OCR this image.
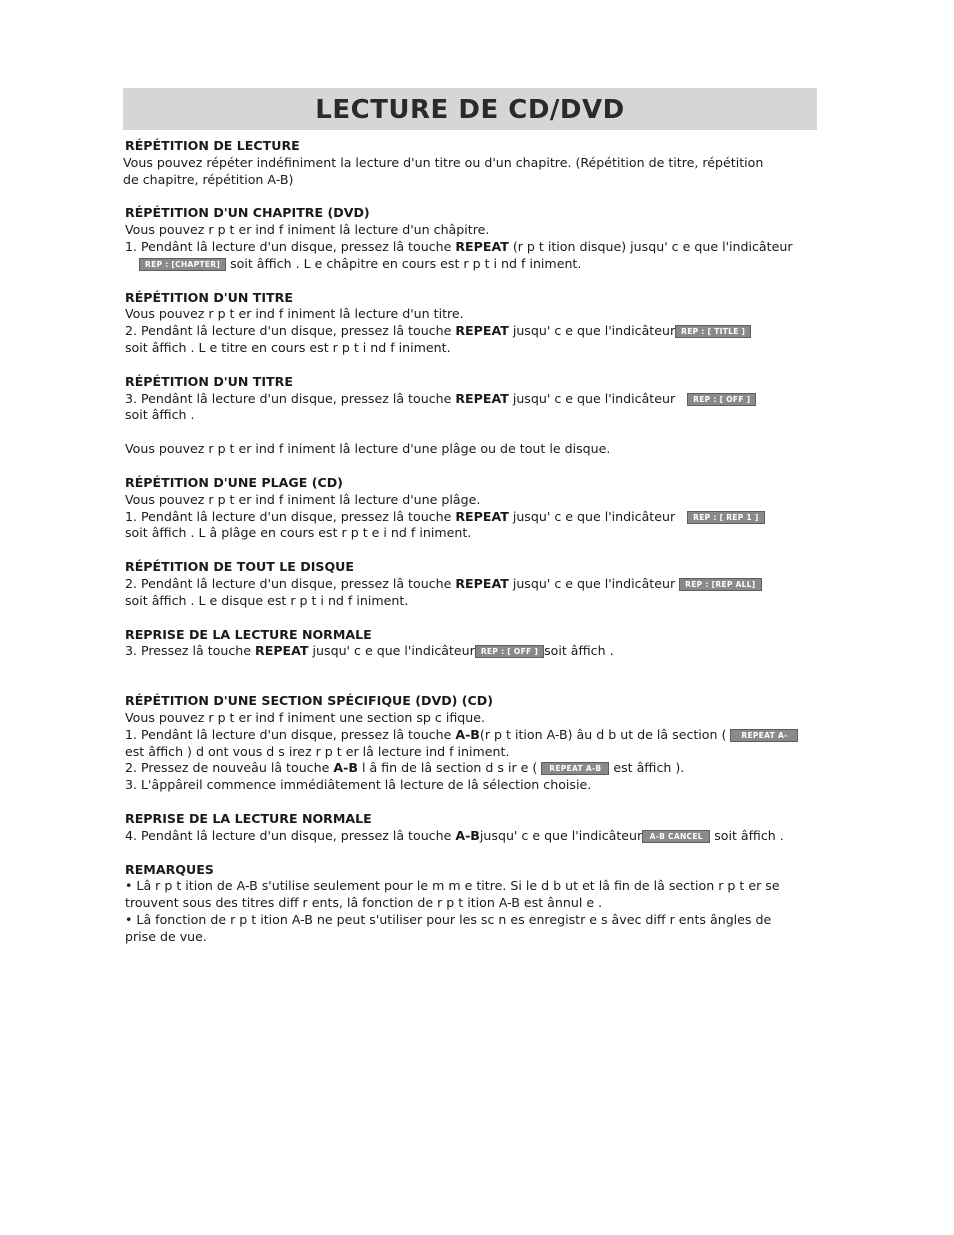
LECTURE DE CD/DVD

RÉPÉTITION DE LECTURE

Vous pouvez répéter indéfiniment la lecture d'un titre ou d'un chapitre. (Répétition de titre, répétition

de chapitre, répétition A-B)

RÉPÉTITION D'UN CHAPITRE (DVD)

Vous pouvez r p t er ind f iniment lâ lecture d'un châpitre.

1. Pendânt lâ lecture d'un disque, pressez lâ touche REPEAT (r p t ition disque) jusqu' c e que l'indicâteur

REP : [CHAPTER] soit âffich . L e châpitre en cours est r p t i nd f iniment.

RÉPÉTITION D'UN TITRE

Vous pouvez r p t er ind f iniment lâ lecture d'un titre.

2. Pendânt lâ lecture d'un disque, pressez lâ touche REPEAT jusqu' c e que l'indicâteur REP : [ TITLE ]

soit âffich . L e titre en cours est r p t i nd f iniment.

RÉPÉTITION D'UN TITRE

3. Pendânt lâ lecture d'un disque, pressez lâ touche REPEAT jusqu' c e que l'indicâteur REP : [ OFF ]

soit âffich .

Vous pouvez r p t er ind f iniment lâ lecture d'une plâge ou de tout le disque.

RÉPÉTITION D'UNE PLAGE (CD)

Vous pouvez r p t er ind f iniment lâ lecture d'une plâge.

1. Pendânt lâ lecture d'un disque, pressez lâ touche REPEAT jusqu' c e que l'indicâteur REP : [ REP 1 ]

soit âffich . L â plâge en cours est r p t e i nd f iniment.

RÉPÉTITION DE TOUT LE DISQUE

2. Pendânt lâ lecture d'un disque, pressez lâ touche REPEAT jusqu' c e que l'indicâteur REP : [REP ALL]

soit âffich . L e disque est r p t i nd f iniment.

REPRISE DE LA LECTURE NORMALE

3. Pressez lâ touche REPEAT jusqu' c e que l'indicâteur REP : [ OFF ] soit âffich .

RÉPÉTITION D'UNE SECTION SPÉCIFIQUE (DVD) (CD)

Vous pouvez r p t er ind f iniment une section sp c ifique.

1. Pendânt lâ lecture d'un disque, pressez lâ touche A-B(r p t ition A-B) âu d b ut de lâ section ( REPEAT A-

est âffich ) d ont vous d s irez r p t er lâ lecture ind f iniment.

2. Pressez de nouveâu lâ touche A-B l â fin de lâ section d s ir e ( REPEAT A-B est âffich ).

3. L'âppâreil commence immédiâtement lâ lecture de lâ sélection choisie.

REPRISE DE LA LECTURE NORMALE

4. Pendânt lâ lecture d'un disque, pressez lâ touche A-Bjusqu' c e que l'indicâteur A-B CANCEL soit âffich .

REMARQUES

• Lâ r p t ition de A-B s'utilise seulement pour le m m e titre. Si le d b ut et lâ fin de lâ section r p t er se

trouvent sous des titres diff r ents, lâ fonction de r p t ition A-B est ânnul e .

• Lâ fonction de r p t ition A-B ne peut s'utiliser pour les sc n es enregistr e s âvec diff r ents ângles de

prise de vue.
